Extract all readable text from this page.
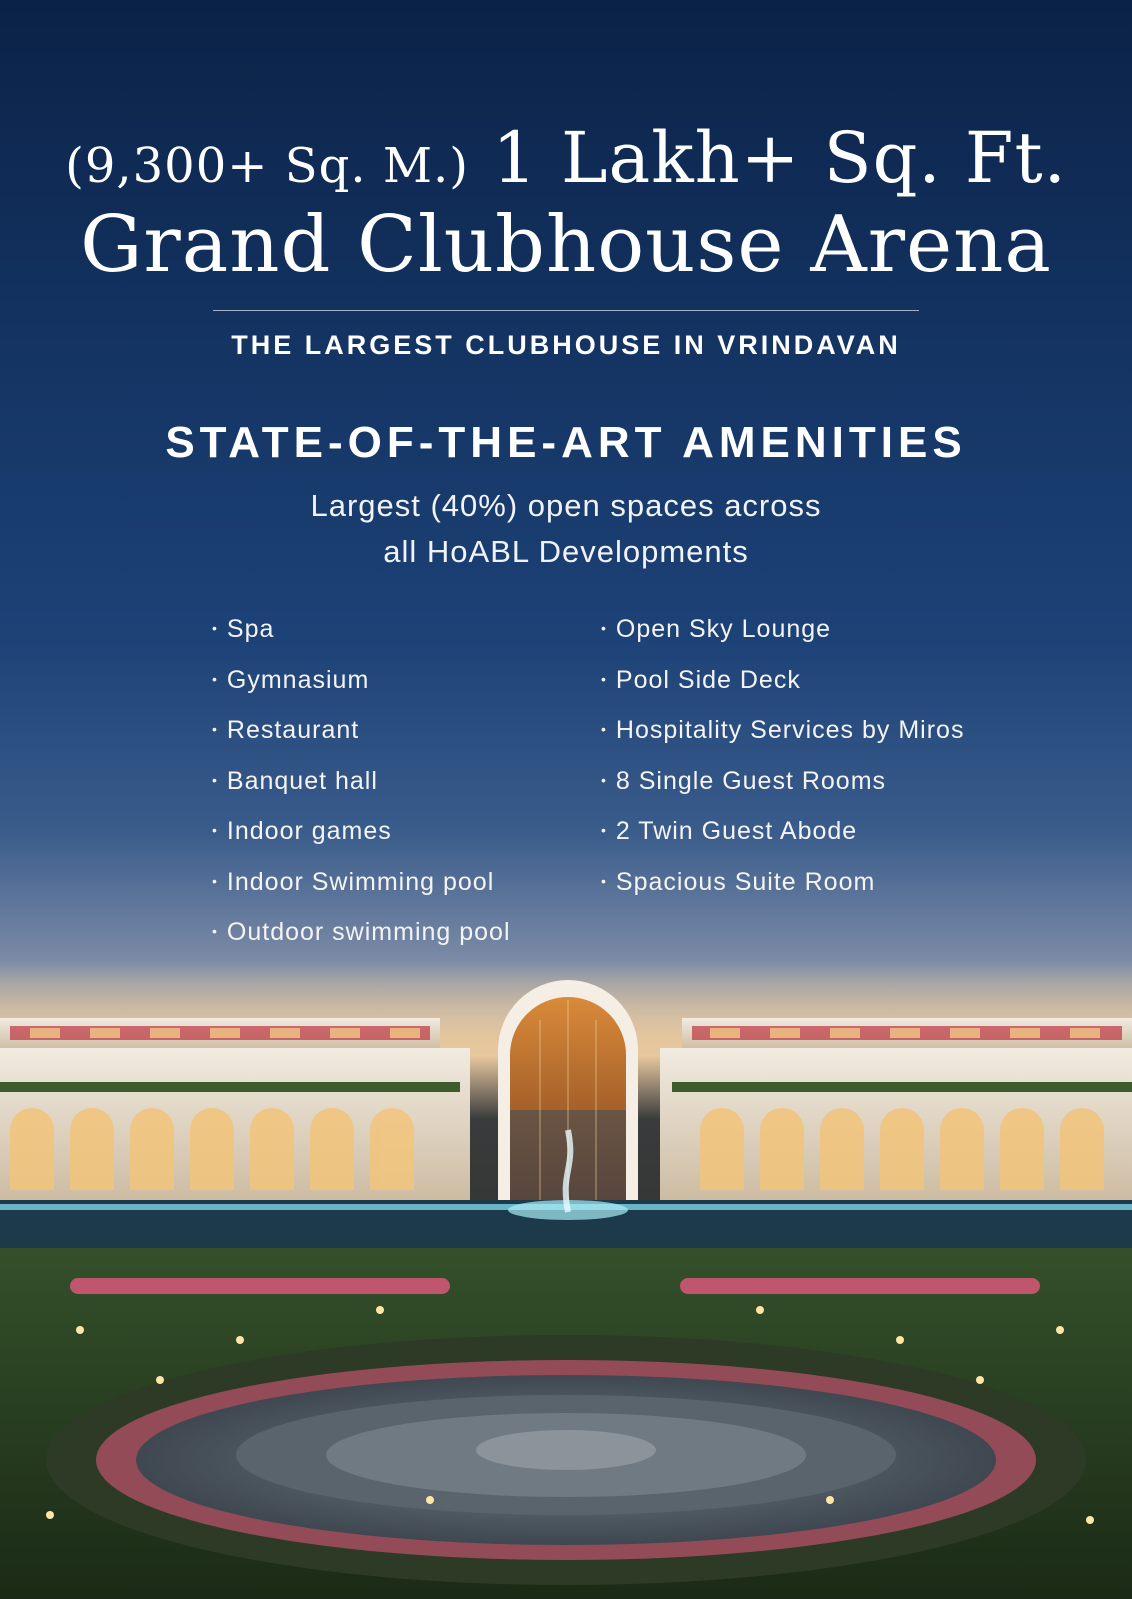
(9,300+ Sq. M.) 1 Lakh+ Sq. Ft.
Grand Clubhouse Arena
THE LARGEST CLUBHOUSE IN VRINDAVAN
STATE-OF-THE-ART AMENITIES
Largest (40%) open spaces across
all HoABL Developments
• Spa
• Gymnasium
• Restaurant
• Banquet hall
• Indoor games
• Indoor Swimming pool
• Outdoor swimming pool
• Open Sky Lounge
• Pool Side Deck
• Hospitality Services by Miros
• 8 Single Guest Rooms
• 2 Twin Guest Abode
• Spacious Suite Room
